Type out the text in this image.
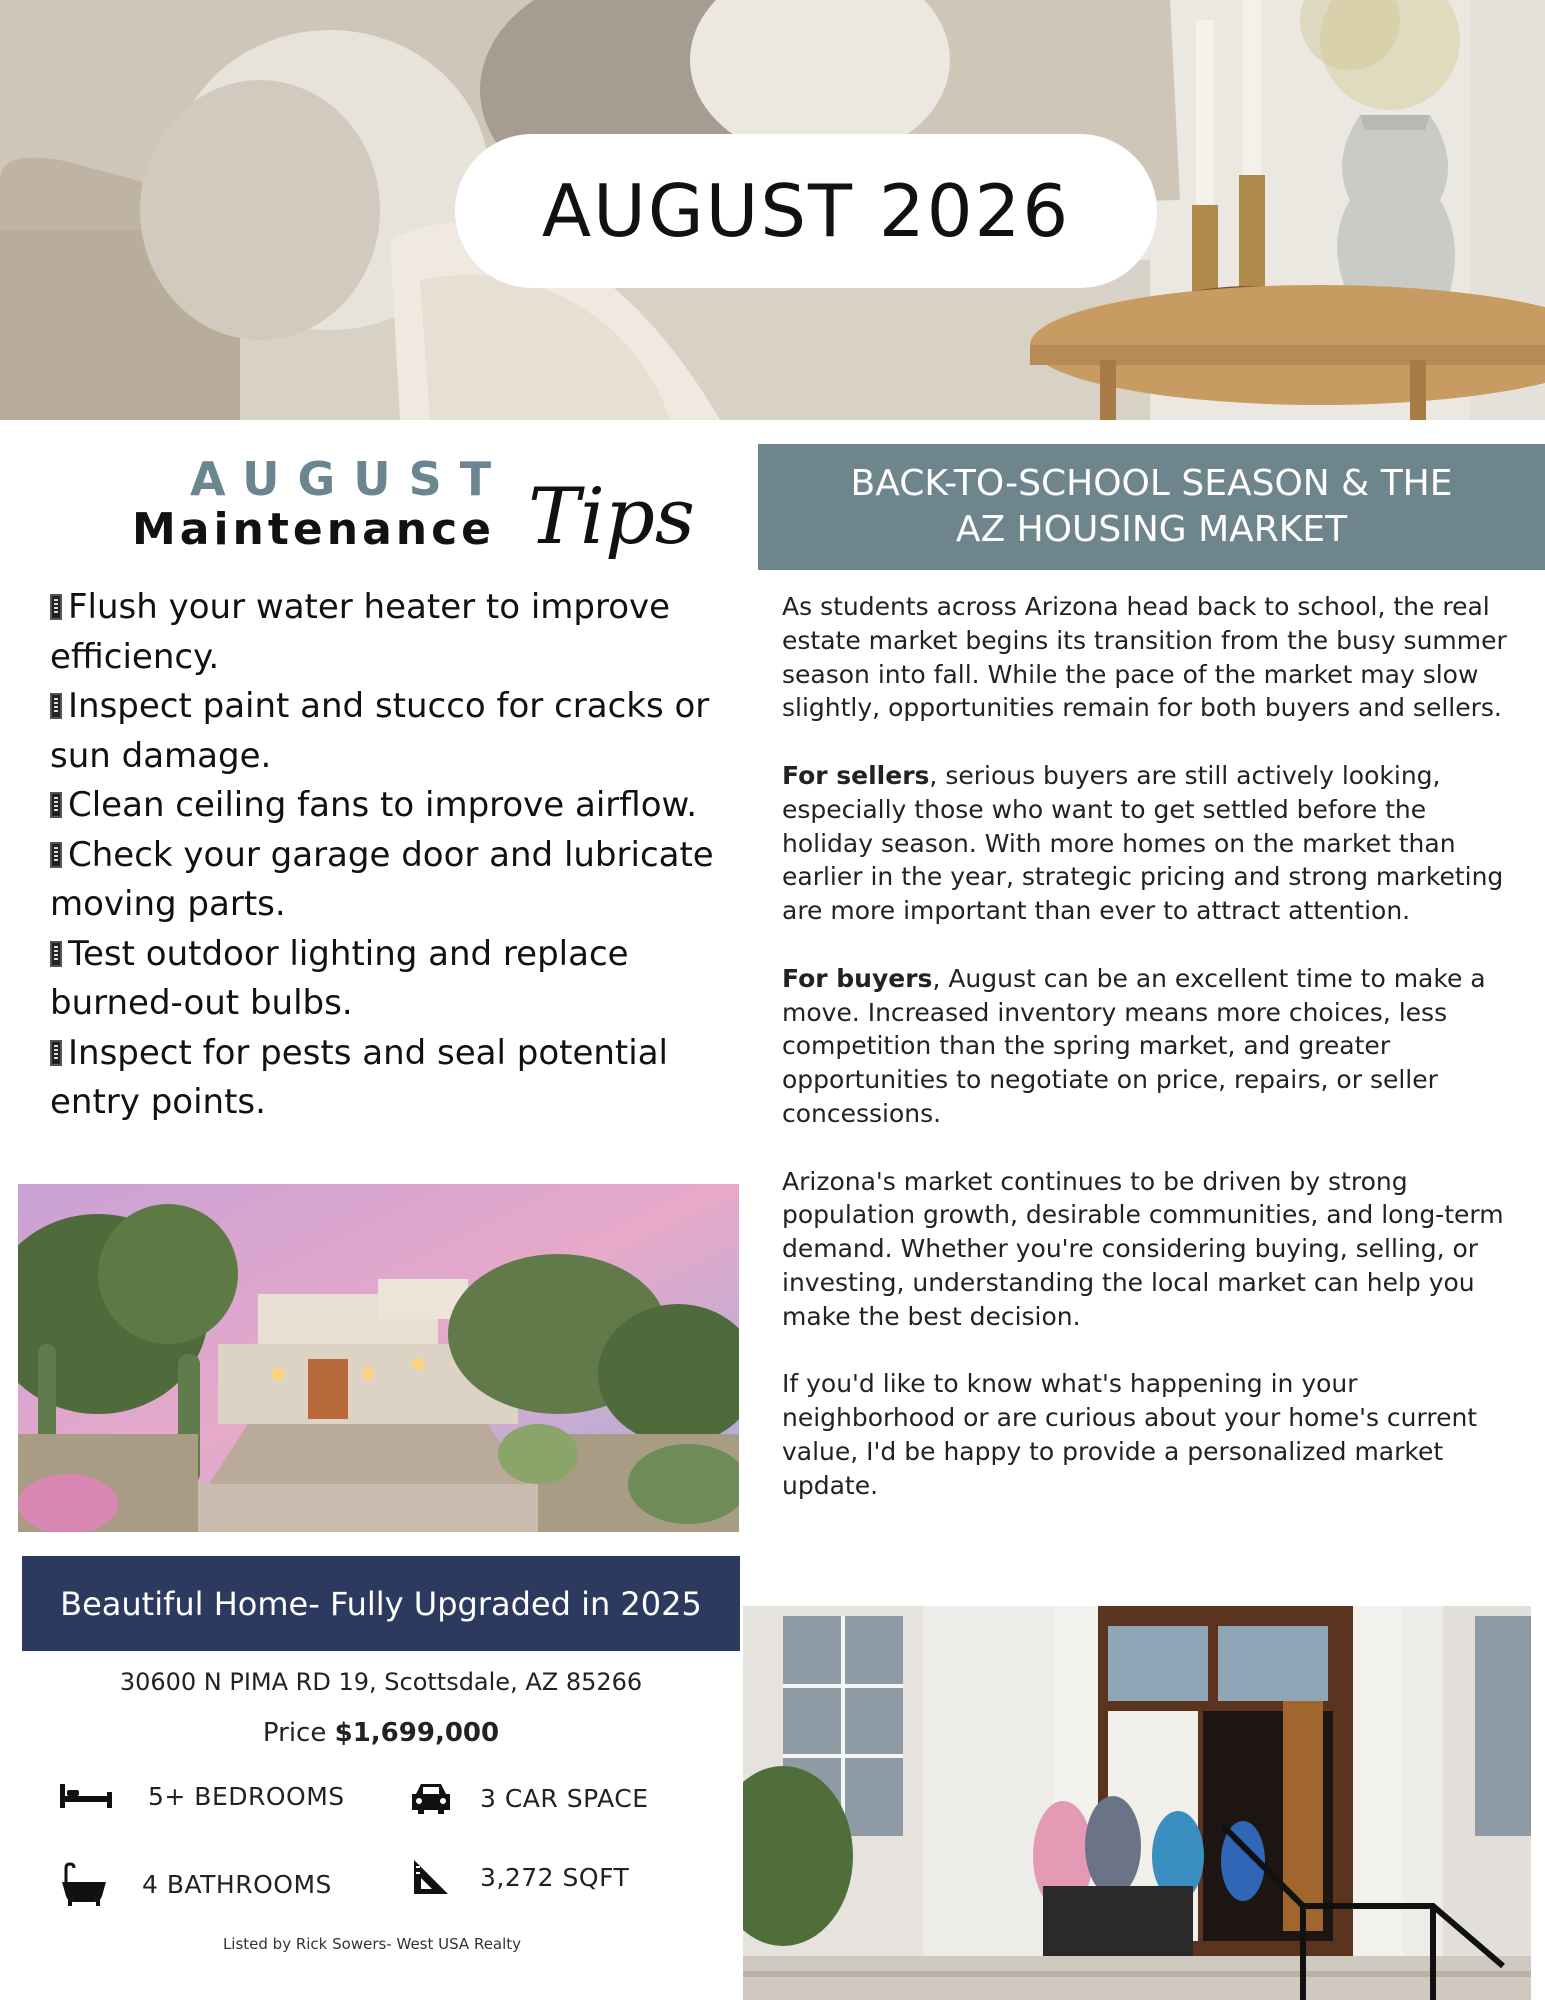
AUGUST 2026
AUGUST
Maintenance Tips
Flush your water heater to improve efficiency.
Inspect paint and stucco for cracks or sun damage.
Clean ceiling fans to improve airflow.
Check your garage door and lubricate moving parts.
Test outdoor lighting and replace burned-out bulbs.
Inspect for pests and seal potential entry points.
Beautiful Home- Fully Upgraded in 2025
30600 N PIMA RD 19, Scottsdale, AZ 85266
Price $1,699,000
5+ BEDROOMS	3 CAR SPACE
4 BATHROOMS	3,272 SQFT
Listed by Rick Sowers- West USA Realty
BACK-TO-SCHOOL SEASON & THE
AZ HOUSING MARKET

As students across Arizona head back to school, the real estate market begins its transition from the busy summer season into fall. While the pace of the market may slow slightly, opportunities remain for both buyers and sellers.

For sellers, serious buyers are still actively looking, especially those who want to get settled before the holiday season. With more homes on the market than earlier in the year, strategic pricing and strong marketing are more important than ever to attract attention.

For buyers, August can be an excellent time to make a move. Increased inventory means more choices, less competition than the spring market, and greater opportunities to negotiate on price, repairs, or seller concessions.

Arizona's market continues to be driven by strong population growth, desirable communities, and long-term demand. Whether you're considering buying, selling, or investing, understanding the local market can help you make the best decision.

If you'd like to know what's happening in your neighborhood or are curious about your home's current value, I'd be happy to provide a personalized market update.
